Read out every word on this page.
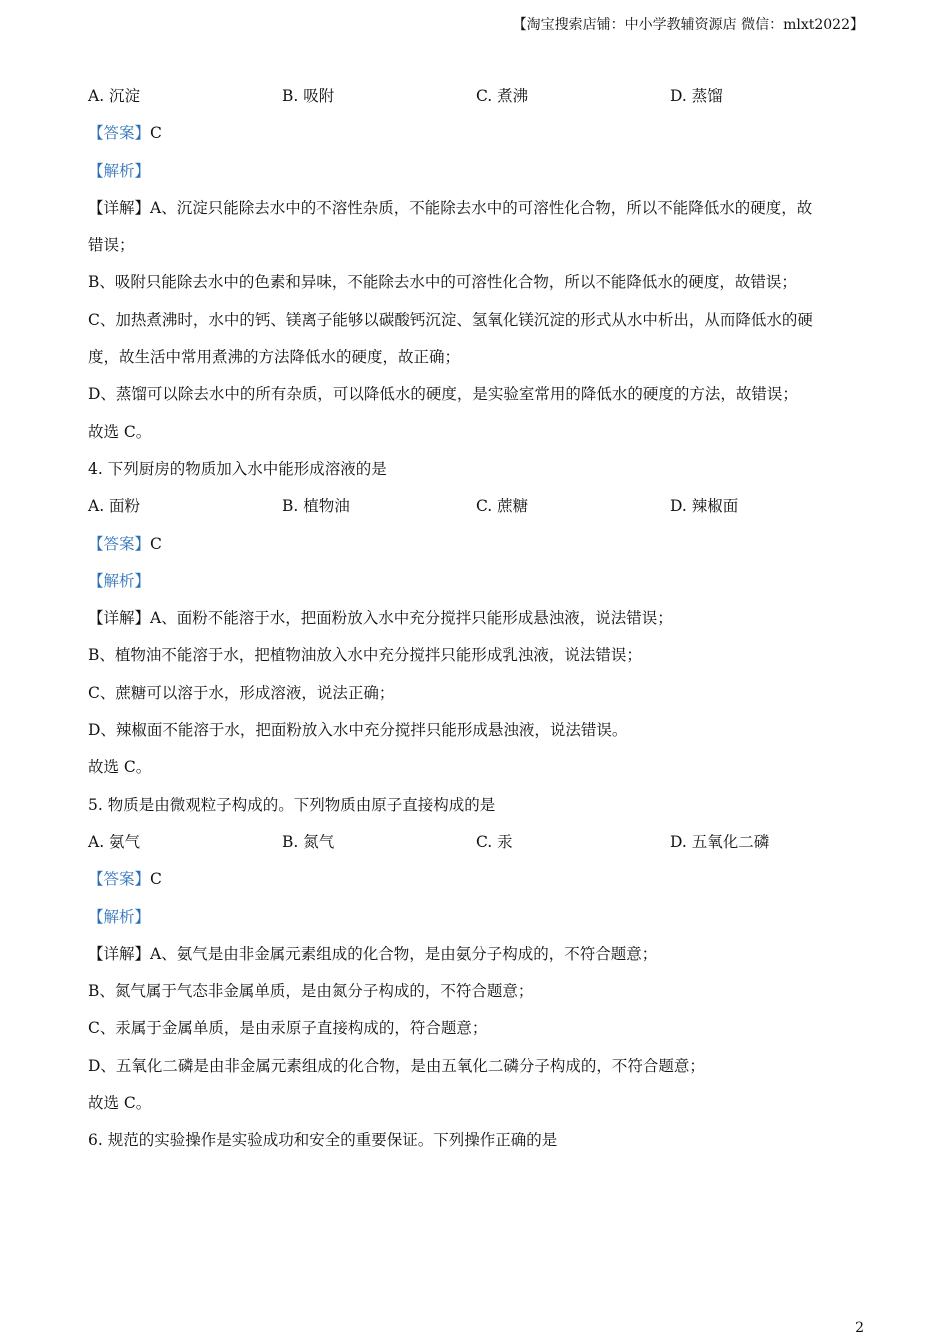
【淘宝搜索店铺：中小学教辅资源店 微信：mlxt2022】
A. 沉淀	B. 吸附	C. 煮沸	D. 蒸馏
【答案】C
【解析】
【详解】A、沉淀只能除去水中的不溶性杂质，不能除去水中的可溶性化合物，所以不能降低水的硬度，故
错误；
B、吸附只能除去水中的色素和异味，不能除去水中的可溶性化合物，所以不能降低水的硬度，故错误；
C、加热煮沸时，水中的钙、镁离子能够以碳酸钙沉淀、氢氧化镁沉淀的形式从水中析出，从而降低水的硬
度，故生活中常用煮沸的方法降低水的硬度，故正确；
D、蒸馏可以除去水中的所有杂质，可以降低水的硬度，是实验室常用的降低水的硬度的方法，故错误；
故选 C。
4. 下列厨房的物质加入水中能形成溶液的是
A. 面粉	B. 植物油	C. 蔗糖	D. 辣椒面
【答案】C
【解析】
【详解】A、面粉不能溶于水，把面粉放入水中充分搅拌只能形成悬浊液，说法错误；
B、植物油不能溶于水，把植物油放入水中充分搅拌只能形成乳浊液，说法错误；
C、蔗糖可以溶于水，形成溶液，说法正确；
D、辣椒面不能溶于水，把面粉放入水中充分搅拌只能形成悬浊液，说法错误。
故选 C。
5. 物质是由微观粒子构成的。下列物质由原子直接构成的是
A. 氨气	B. 氮气	C. 汞	D. 五氧化二磷
【答案】C
【解析】
【详解】A、氨气是由非金属元素组成的化合物，是由氨分子构成的，不符合题意；
B、氮气属于气态非金属单质，是由氮分子构成的，不符合题意；
C、汞属于金属单质，是由汞原子直接构成的，符合题意；
D、五氧化二磷是由非金属元素组成的化合物，是由五氧化二磷分子构成的，不符合题意；
故选 C。
6. 规范的实验操作是实验成功和安全的重要保证。下列操作正确的是
2
